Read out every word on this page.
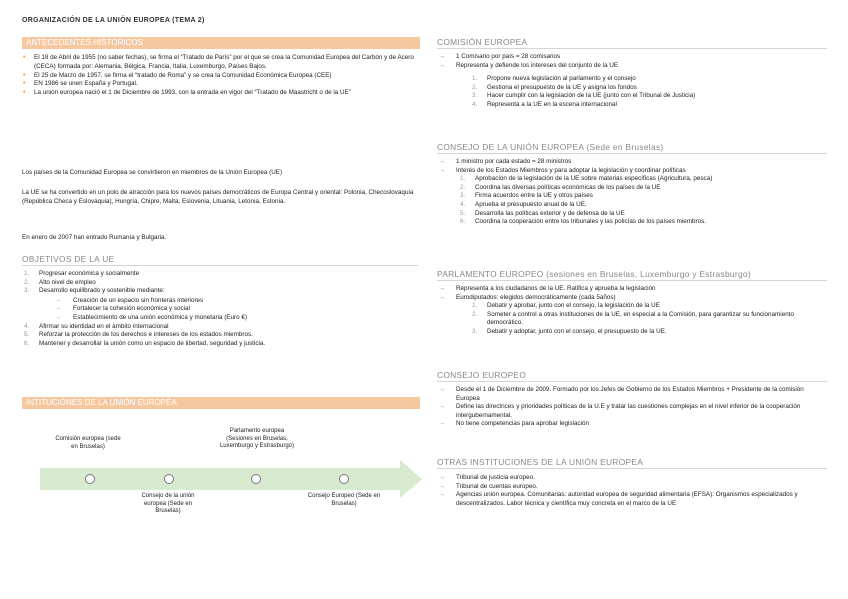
ORGANIZACIÓN DE LA UNIÓN EUROPEA (TEMA 2)
ANTECEDENTES HISTÓRICOS
• El 18 de Abril de 1955 (no saber fechas), se firma el “Tratado de París” por el que se crea la Comunidad Europea del Carbón y de Acero (CECA) formada por: Alemania, Bélgica, Francia, Italia, Luxemburgo, Países Bajos.
• El 25 de Marzo de 1957, se firma el “tratado de Roma” y se crea la Comunidad Económica Europea (CEE)
• EN 1986 se unen España y Portugal.
• La unión europea nació el 1 de Diciembre de 1993, con la entrada en vigor del “Tratado de Maastricht o de la UE”
Los países de la Comunidad Europea se convirtieron en miembros de la Unión Europea (UE)
La UE se ha convertido en un polo de atracción para los nuevos países democráticos de Europa Central y oriental: Polonia, Checoslovaquia (República Checa y Eslovaquia), Hungría, Chipre, Malta, Eslovenia, Lituania, Letonia, Estonia.
En enero de 2007 han entrado Rumanía y Bulgaria.
OBJETIVOS DE LA UE
1. Progresar económica y socialmente
2. Alto nivel de empleo
3. Desarrollo equilibrado y sostenible mediante:
→ Creación de un espacio sin fronteras interiores
→ Fortalecer la cohesión económica y social
→ Establecimiento de una unión económica y monetaria (Euro €)
4. Afirmar su identidad en el ámbito internacional
5. Reforzar la protección de los derechos e intereses de los estados miembros.
6. Mantener y desarrollar la unión como un espacio de libertad, seguridad y justicia.
INTITUCIONES DE LA UNIÓN EUROPEA
Comisión europea (sede en Bruselas)
Parlamento europea (Sesiones en Bruselas, Luxemburgo y Estrasburgo)
Consejo de la unión europea (Sede en Bruselas)
Consejo Europeo (Sede en Bruselas)
COMISIÓN EUROPEA
→ 1 Comisario por país = 28 comisarios
→ Representa y defiende los intereses del conjunto de la UE
1. Propone nueva legislación al parlamento y el consejo
2. Gestiona el presupuesto de la UE y asigna los fondos
3. Hacer cumplir con la legislación de la UE (junto con el Tribunal de Justicia)
4. Representa a la UE en la escena internacional
CONSEJO DE LA UNIÓN EUROPEA (Sede en Bruselas)
→ 1 ministro por cada estado = 28 ministros
→ Interés de los Estados Miembros y para adoptar la legislación y coordinar políticas
1. Aprobación de la legislación de la UE sobre materias específicas (Agricultura, pesca)
2. Coordina las diversas políticas económicas de los países de la UE
3. Firma acuerdos entre la UE y otros países
4. Aprueba el presupuesto anual de la UE.
5. Desarrolla las políticas exterior y de defensa de la UE
6. Coordina la cooperación entre los tribunales y las policías de los países miembros.
PARLAMENTO EUROPEO (sesiones en Bruselas, Luxemburgo y Estrasburgo)
→ Representa a los ciudadanos de la UE. Ratifica y aprueba la legislación
→ Eurodiputados: elegidos democráticamente (cada 5años)
1. Debatir y aprobar, junto con el consejo, la legislación de la UE
2. Someter a control a otras instituciones de la UE, en especial a la Comisión, para garantizar su funcionamiento democrático.
3. Debatir y adoptar, junto con el consejo, el presupuesto de la UE.
CONSEJO EUROPEO
→ Desde el 1 de Diciembre de 2009. Formado por los Jefes de Gobierno de los Estados Miembros + Presidente de la comisión Europea
→ Define las directrices y prioridades políticas de la U.E y tratar las cuestiones complejas en el nivel inferior de la cooperación intergubernamental.
→ No tiene competencias para aprobar legislación
OTRAS INSTITUCIONES DE LA UNIÓN EUROPEA
→ Tribunal de justicia europeo.
→ Tribunal de cuentas europeo.
→ Agencias unión europea. Comunitarias: autoridad europea de seguridad alimentaria (EFSA): Organismos especializados y descentralizados. Labor técnica y científica muy concreta en el marco de la UE
